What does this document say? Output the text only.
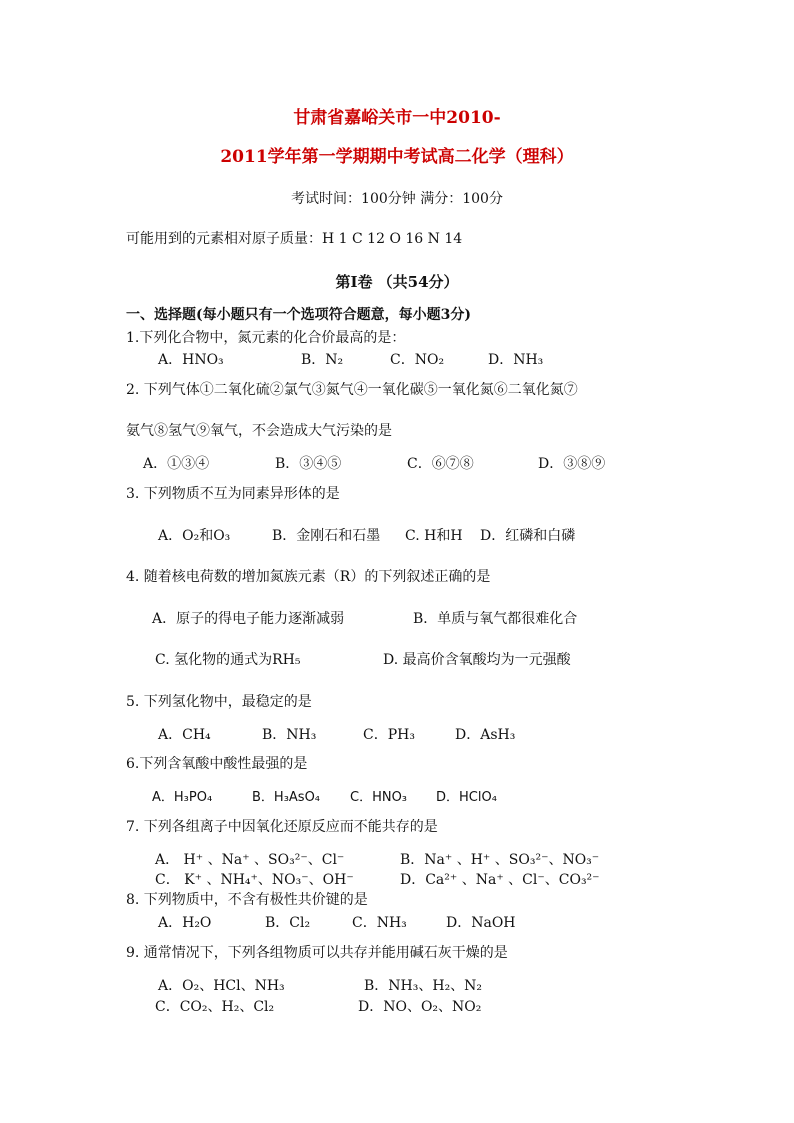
甘肃省嘉峪关市一中2010-
2011学年第一学期期中考试高二化学（理科）
考试时间：100分钟 满分：100分
可能用到的元素相对原子质量：H 1 C 12 O 16 N 14
第I卷 （共54分）
一、选择题(每小题只有一个选项符合题意，每小题3分)
1.下列化合物中，氮元素的化合价最高的是：
A．HNO₃	B．N₂	C．NO₂	D．NH₃
2. 下列气体①二氧化硫②氯气③氮气④一氧化碳⑤一氧化氮⑥二氧化氮⑦
氨气⑧氢气⑨氧气，不会造成大气污染的是
A．①③④	B．③④⑤	C．⑥⑦⑧	D．③⑧⑨
3. 下列物质不互为同素异形体的是
A．O₂和O₃	B．金刚石和石墨 C. H和H D．红磷和白磷
4. 随着核电荷数的增加氮族元素（R）的下列叙述正确的是
A．原子的得电子能力逐渐减弱	B．单质与氧气都很难化合
C. 氢化物的通式为RH₅	D. 最高价含氧酸均为一元强酸
5. 下列氢化物中，最稳定的是
A．CH₄	B．NH₃	C．PH₃	D．AsH₃
6.下列含氧酸中酸性最强的是
A．H₃PO₄	B．H₃AsO₄ C．HNO₃ D．HClO₄
7. 下列各组离子中因氧化还原反应而不能共存的是
A． H⁺ 、Na⁺ 、SO₃²⁻、Cl⁻	B．Na⁺ 、H⁺ 、SO₃²⁻、NO₃⁻
C． K⁺ 、NH₄⁺、NO₃⁻、OH⁻	D．Ca²⁺ 、Na⁺ 、Cl⁻、CO₃²⁻
8. 下列物质中，不含有极性共价键的是
A．H₂O	B．Cl₂	C．NH₃	D．NaOH
9. 通常情况下，下列各组物质可以共存并能用碱石灰干燥的是
A．O₂、HCl、NH₃	B．NH₃、H₂、N₂
C．CO₂、H₂、Cl₂	D．NO、O₂、NO₂
